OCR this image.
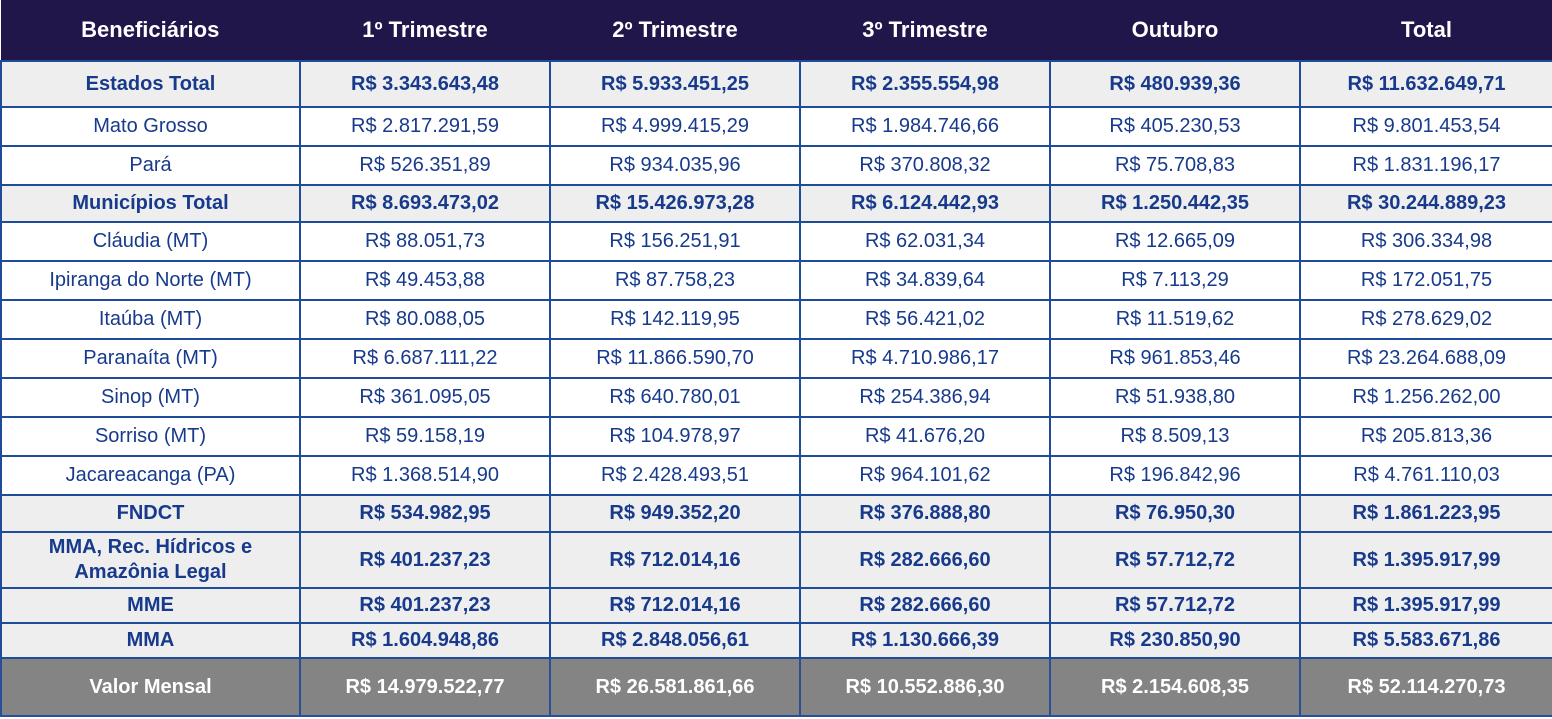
Beneficiários	1º Trimestre	2º Trimestre	3º Trimestre	Outubro	Total
Estados Total	R$ 3.343.643,48	R$ 5.933.451,25	R$ 2.355.554,98	R$ 480.939,36	R$ 11.632.649,71
Mato Grosso	R$ 2.817.291,59	R$ 4.999.415,29	R$ 1.984.746,66	R$ 405.230,53	R$ 9.801.453,54
Pará	R$ 526.351,89	R$ 934.035,96	R$ 370.808,32	R$ 75.708,83	R$ 1.831.196,17
Municípios Total	R$ 8.693.473,02	R$ 15.426.973,28	R$ 6.124.442,93	R$ 1.250.442,35	R$ 30.244.889,23
Cláudia (MT)	R$ 88.051,73	R$ 156.251,91	R$ 62.031,34	R$ 12.665,09	R$ 306.334,98
Ipiranga do Norte (MT)	R$ 49.453,88	R$ 87.758,23	R$ 34.839,64	R$ 7.113,29	R$ 172.051,75
Itaúba (MT)	R$ 80.088,05	R$ 142.119,95	R$ 56.421,02	R$ 11.519,62	R$ 278.629,02
Paranaíta (MT)	R$ 6.687.111,22	R$ 11.866.590,70	R$ 4.710.986,17	R$ 961.853,46	R$ 23.264.688,09
Sinop (MT)	R$ 361.095,05	R$ 640.780,01	R$ 254.386,94	R$ 51.938,80	R$ 1.256.262,00
Sorriso (MT)	R$ 59.158,19	R$ 104.978,97	R$ 41.676,20	R$ 8.509,13	R$ 205.813,36
Jacareacanga (PA)	R$ 1.368.514,90	R$ 2.428.493,51	R$ 964.101,62	R$ 196.842,96	R$ 4.761.110,03
FNDCT	R$ 534.982,95	R$ 949.352,20	R$ 376.888,80	R$ 76.950,30	R$ 1.861.223,95
MMA, Rec. Hídricos e Amazônia Legal	R$ 401.237,23	R$ 712.014,16	R$ 282.666,60	R$ 57.712,72	R$ 1.395.917,99
MME	R$ 401.237,23	R$ 712.014,16	R$ 282.666,60	R$ 57.712,72	R$ 1.395.917,99
MMA	R$ 1.604.948,86	R$ 2.848.056,61	R$ 1.130.666,39	R$ 230.850,90	R$ 5.583.671,86
Valor Mensal	R$ 14.979.522,77	R$ 26.581.861,66	R$ 10.552.886,30	R$ 2.154.608,35	R$ 52.114.270,73
